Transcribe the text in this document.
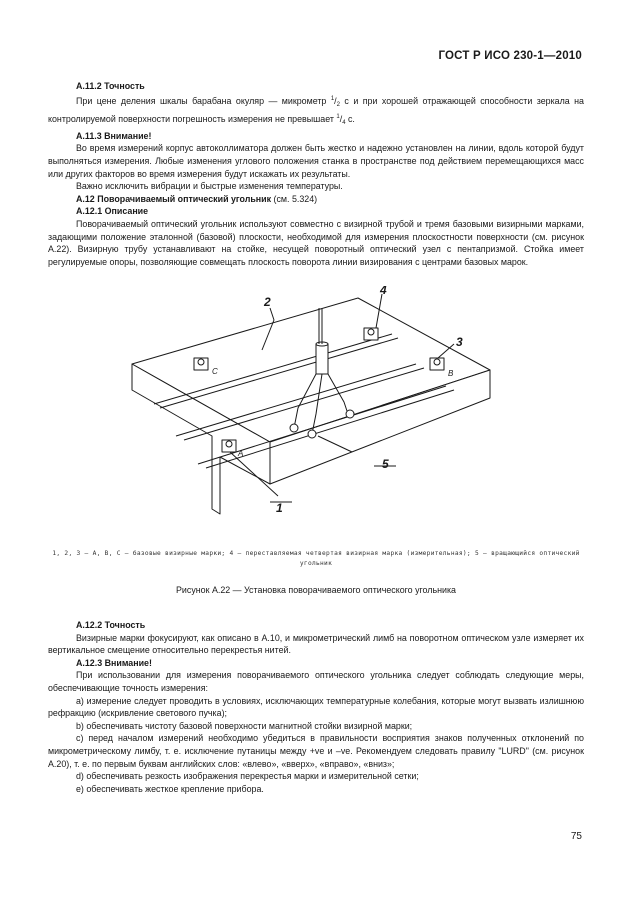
ГОСТ Р ИСО 230-1—2010

А.11.2 Точность

При цене деления шкалы барабана окуляр — микрометр $^1/_2$ с и при хорошей отражающей способности зеркала на контролируемой поверхности погрешность измерения не превышает $^1/_4$ с.

А.11.3 Внимание!

Во время измерений корпус автоколлиматора должен быть жестко и надежно установлен на линии, вдоль которой будут выполняться измерения. Любые изменения углового положения станка в пространстве под действием перемещающихся масс или других факторов во время измерения будут искажать их результаты.

Важно исключить вибрации и быстрые изменения температуры.

А.12 Поворачиваемый оптический угольник (см. 5.324)

А.12.1 Описание

Поворачиваемый оптический угольник используют совместно с визирной трубой и тремя базовыми визирными марками, задающими положение эталонной (базовой) плоскости, необходимой для измерения плоскостности поверхности (см. рисунок А.22). Визирную трубу устанавливают на стойке, несущей поворотный оптический узел с пентапризмой. Стойка имеет регулируемые опоры, позволяющие совмещать плоскость поворота линии визирования с центрами базовых марок.

2
4
3
5
1
C	B
A
1, 2, 3 — А, В, С — базовые визирные марки; 4 — переставляемая четвертая визирная марка (измерительная); 5 — вращающийся оптический угольник
Рисунок А.22 — Установка поворачиваемого оптического угольника

А.12.2 Точность

Визирные марки фокусируют, как описано в А.10, и микрометрический лимб на поворотном оптическом узле измеряет их вертикальное смещение относительно перекрестья нитей.

А.12.3 Внимание!

При использовании для измерения поворачиваемого оптического угольника следует соблюдать следующие меры, обеспечивающие точность измерения:

а) измерение следует проводить в условиях, исключающих температурные колебания, которые могут вызвать излишнюю рефракцию (искривление светового пучка);

b) обеспечивать чистоту базовой поверхности магнитной стойки визирной марки;

с) перед началом измерений необходимо убедиться в правильности восприятия знаков полученных отклонений по микрометрическому лимбу, т. е. исключение путаницы между +ve и –ve. Рекомендуем следовать правилу "LURD" (см. рисунок А.20), т. е. по первым буквам английских слов: «влево», «вверх», «вправо», «вниз»;

d) обеспечивать резкость изображения перекрестья марки и измерительной сетки;

е) обеспечивать жесткое крепление прибора.

75
